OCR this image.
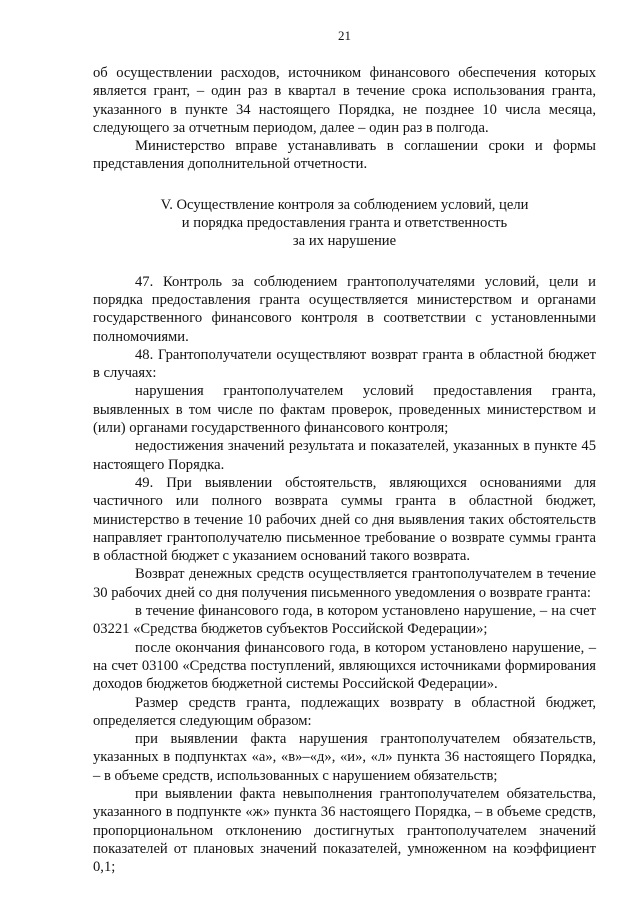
21

об осуществлении расходов, источником финансового обеспечения которых является грант, – один раз в квартал в течение срока использования гранта, указанного в пункте 34 настоящего Порядка, не позднее 10 числа месяца, следующего за отчетным периодом, далее – один раз в полгода.

Министерство вправе устанавливать в соглашении сроки и формы представления дополнительной отчетности.

V. Осуществление контроля за соблюдением условий, цели
и порядка предоставления гранта и ответственность
за их нарушение

47. Контроль за соблюдением грантополучателями условий, цели и порядка предоставления гранта осуществляется министерством и органами государственного финансового контроля в соответствии с установленными полномочиями.

48. Грантополучатели осуществляют возврат гранта в областной бюджет в случаях:

нарушения грантополучателем условий предоставления гранта, выявленных в том числе по фактам проверок, проведенных министерством и (или) органами государственного финансового контроля;

недостижения значений результата и показателей, указанных в пункте 45 настоящего Порядка.

49. При выявлении обстоятельств, являющихся основаниями для частичного или полного возврата суммы гранта в областной бюджет, министерство в течение 10 рабочих дней со дня выявления таких обстоятельств направляет грантополучателю письменное требование о возврате суммы гранта в областной бюджет с указанием оснований такого возврата.

Возврат денежных средств осуществляется грантополучателем в течение 30 рабочих дней со дня получения письменного уведомления о возврате гранта:

в течение финансового года, в котором установлено нарушение, – на счет 03221 «Средства бюджетов субъектов Российской Федерации»;

после окончания финансового года, в котором установлено нарушение, – на счет 03100 «Средства поступлений, являющихся источниками формирования доходов бюджетов бюджетной системы Российской Федерации».

Размер средств гранта, подлежащих возврату в областной бюджет, определяется следующим образом:

при выявлении факта нарушения грантополучателем обязательств, указанных в подпунктах «а», «в»–«д», «и», «л» пункта 36 настоящего Порядка, – в объеме средств, использованных с нарушением обязательств;

при выявлении факта невыполнения грантополучателем обязательства, указанного в подпункте «ж» пункта 36 настоящего Порядка, – в объеме средств, пропорциональном отклонению достигнутых грантополучателем значений показателей от плановых значений показателей, умноженном на коэффициент 0,1;
